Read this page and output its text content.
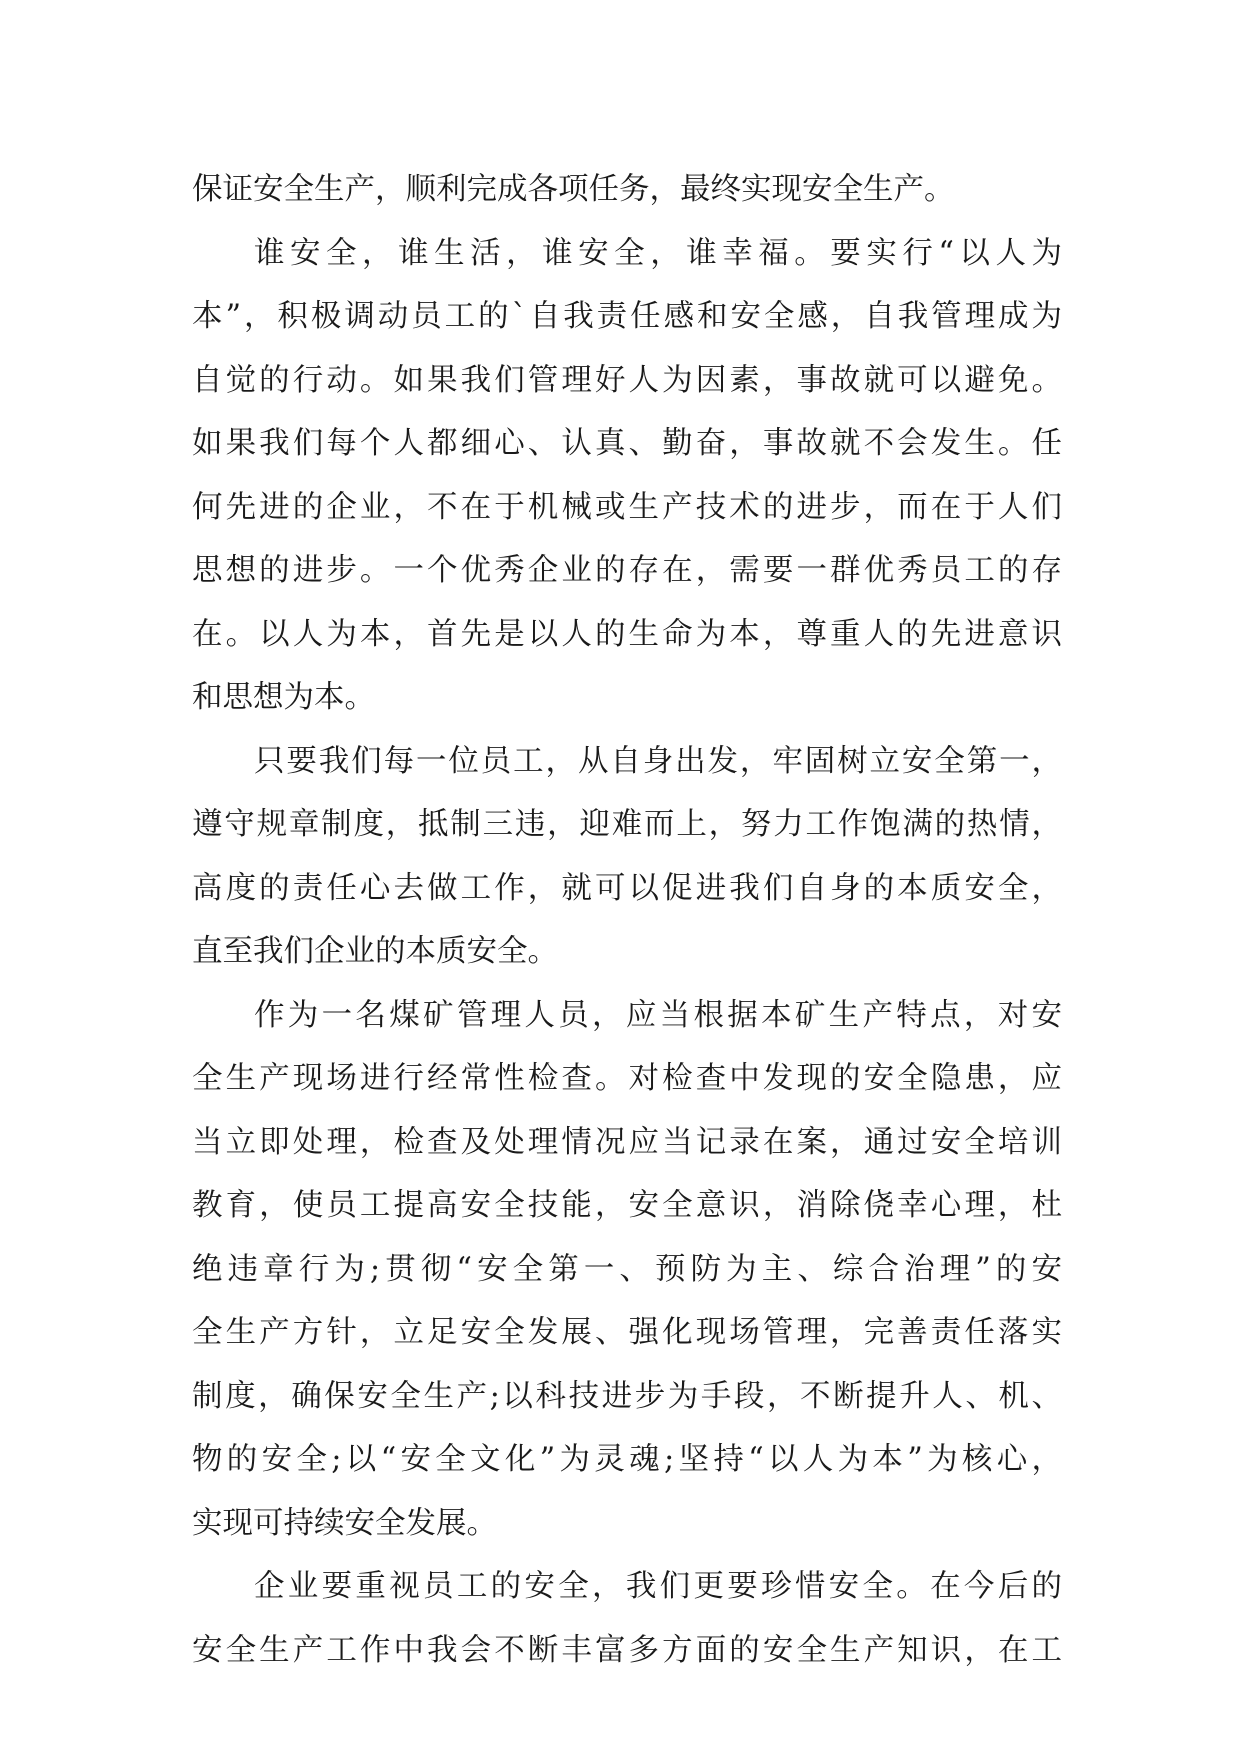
保证安全生产，顺利完成各项任务，最终实现安全生产。
谁安全，谁生活，谁安全，谁幸福。要实行“以人为
本”，积极调动员工的`自我责任感和安全感，自我管理成为
自觉的行动。如果我们管理好人为因素，事故就可以避免。
如果我们每个人都细心、认真、勤奋，事故就不会发生。任
何先进的企业，不在于机械或生产技术的进步，而在于人们
思想的进步。一个优秀企业的存在，需要一群优秀员工的存
在。以人为本，首先是以人的生命为本，尊重人的先进意识
和思想为本。
只要我们每一位员工，从自身出发，牢固树立安全第一，
遵守规章制度，抵制三违，迎难而上，努力工作饱满的热情，
高度的责任心去做工作，就可以促进我们自身的本质安全，
直至我们企业的本质安全。
作为一名煤矿管理人员，应当根据本矿生产特点，对安
全生产现场进行经常性检查。对检查中发现的安全隐患，应
当立即处理，检查及处理情况应当记录在案，通过安全培训
教育，使员工提高安全技能，安全意识，消除侥幸心理，杜
绝违章行为;贯彻“安全第一、预防为主、综合治理”的安
全生产方针，立足安全发展、强化现场管理，完善责任落实
制度，确保安全生产;以科技进步为手段，不断提升人、机、
物的安全;以“安全文化”为灵魂;坚持“以人为本”为核心，
实现可持续安全发展。
企业要重视员工的安全，我们更要珍惜安全。在今后的
安全生产工作中我会不断丰富多方面的安全生产知识，在工
